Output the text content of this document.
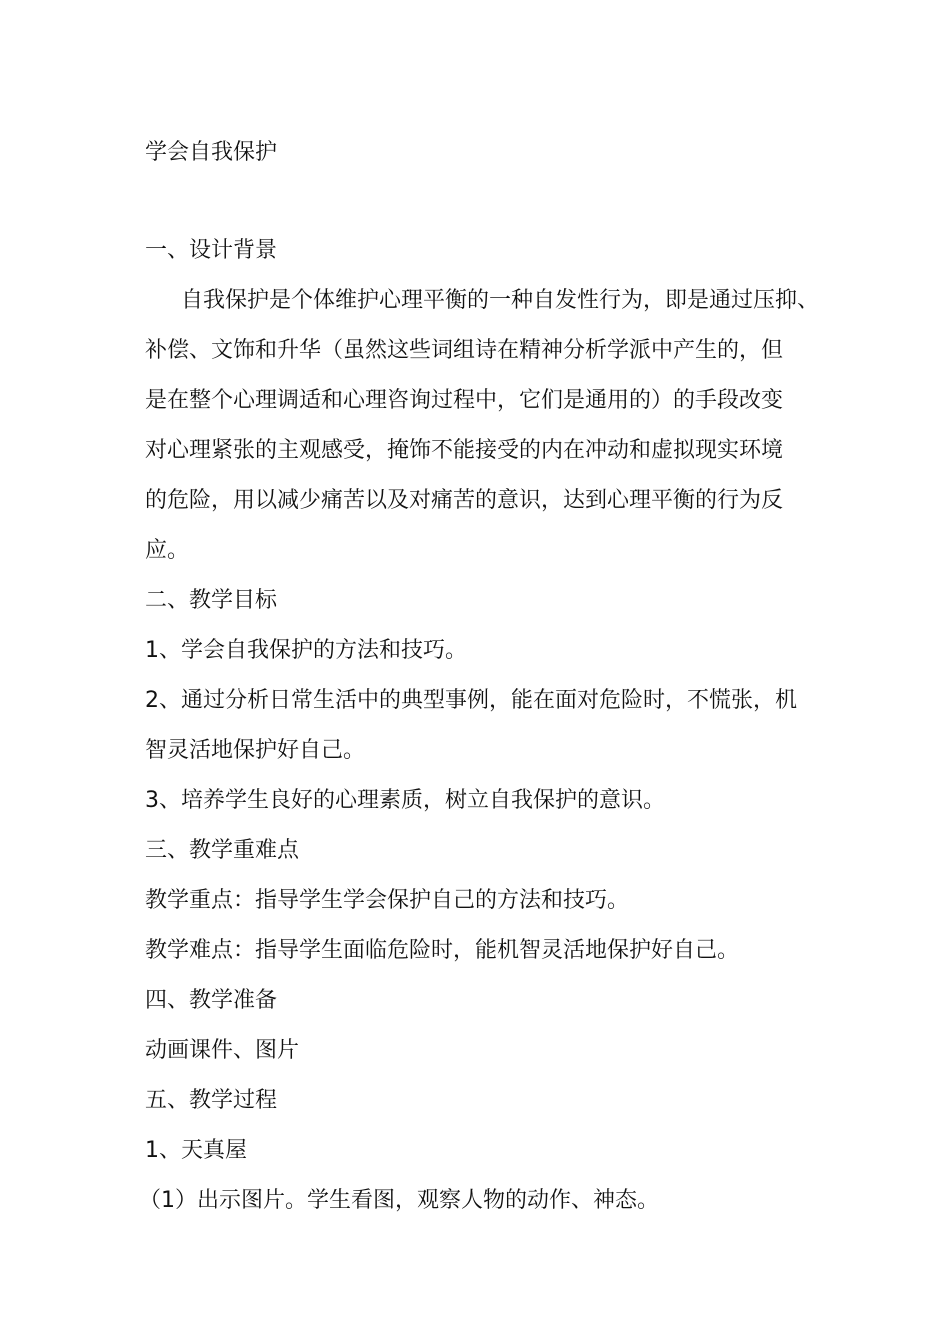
学会自我保护

一、设计背景

自我保护是个体维护心理平衡的一种自发性行为，即是通过压抑、

补偿、文饰和升华（虽然这些词组诗在精神分析学派中产生的，但

是在整个心理调适和心理咨询过程中，它们是通用的）的手段改变

对心理紧张的主观感受，掩饰不能接受的内在冲动和虚拟现实环境

的危险，用以减少痛苦以及对痛苦的意识，达到心理平衡的行为反

应。

二、教学目标

1、学会自我保护的方法和技巧。

2、通过分析日常生活中的典型事例，能在面对危险时，不慌张，机

智灵活地保护好自己。

3、培养学生良好的心理素质，树立自我保护的意识。

三、教学重难点

教学重点：指导学生学会保护自己的方法和技巧。

教学难点：指导学生面临危险时，能机智灵活地保护好自己。

四、教学准备

动画课件、图片

五、教学过程

1、天真屋

（1）出示图片。学生看图，观察人物的动作、神态。
